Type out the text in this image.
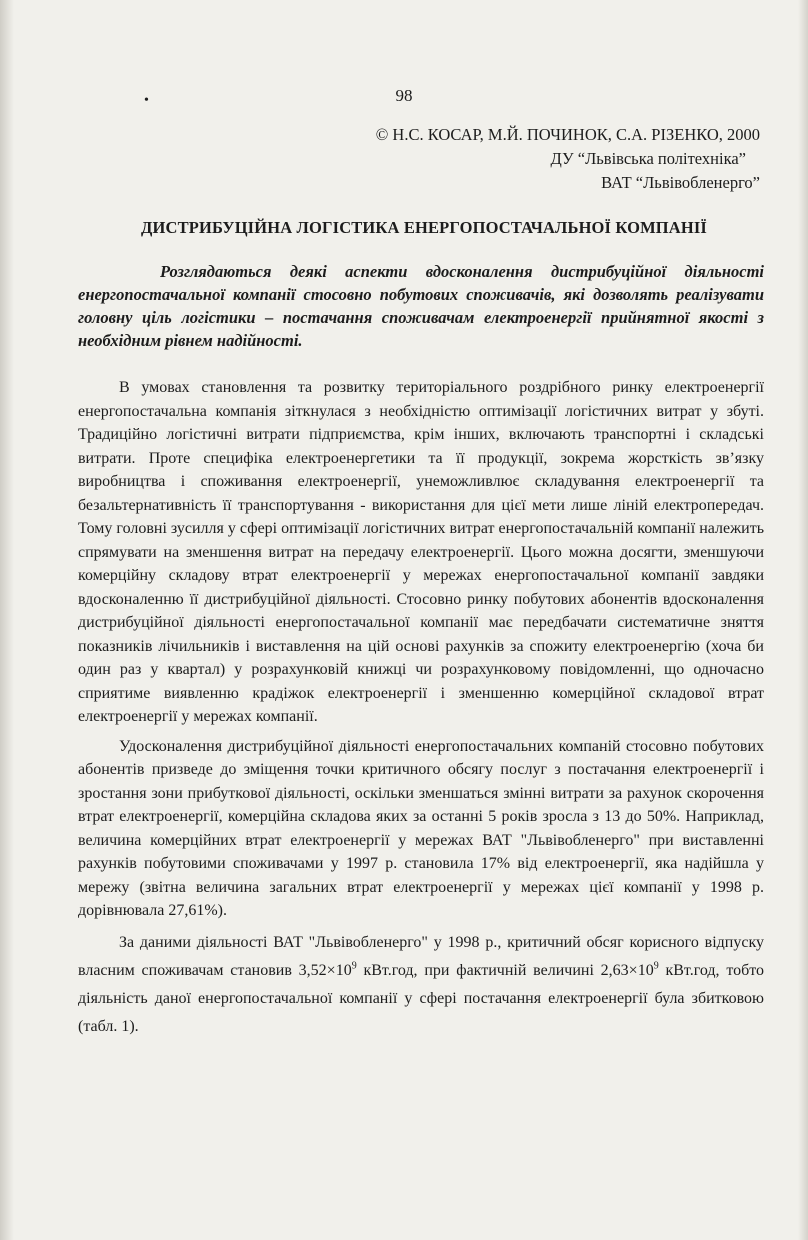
•	98
© Н.С. КОСАР, М.Й. ПОЧИНОК, С.А. РІЗЕНКО, 2000
ДУ “Львівська політехніка”
ВАТ “Львівобленерго”
ДИСТРИБУЦІЙНА ЛОГІСТИКА ЕНЕРГОПОСТАЧАЛЬНОЇ КОМПАНІЇ
Розглядаються деякі аспекти вдосконалення дистрибуційної діяльності енергопостачальної компанії стосовно побутових споживачів, які дозволять реалізувати головну ціль логістики – постачання споживачам електроенергії прийнятної якості з необхідним рівнем надійності.

В умовах становлення та розвитку територіального роздрібного ринку електроенергії енергопостачальна компанія зіткнулася з необхідністю оптимізації логістичних витрат у збуті. Традиційно логістичні витрати підприємства, крім інших, включають транспортні і складські витрати. Проте специфіка електроенергетики та її продукції, зокрема жорсткість зв’язку виробництва і споживання електроенергії, унеможливлює складування електроенергії та безальтернативність її транспортування - використання для цієї мети лише ліній електропередач. Тому головні зусилля у сфері оптимізації логістичних витрат енергопостачальній компанії належить спрямувати на зменшення витрат на передачу електроенергії. Цього можна досягти, зменшуючи комерційну складову втрат електроенергії у мережах енергопостачальної компанії завдяки вдосконаленню її дистрибуційної діяльності. Стосовно ринку побутових абонентів вдосконалення дистрибуційної діяльності енергопостачальної компанії має передбачати систематичне зняття показників лічильників і виставлення на цій основі рахунків за спожиту електроенергію (хоча би один раз у квартал) у розрахунковій книжці чи розрахунковому повідомленні, що одночасно сприятиме виявленню крадіжок електроенергії і зменшенню комерційної складової втрат електроенергії у мережах компанії.

Удосконалення дистрибуційної діяльності енергопостачальних компаній стосовно побутових абонентів призведе до зміщення точки критичного обсягу послуг з постачання електроенергії і зростання зони прибуткової діяльності, оскільки зменшаться змінні витрати за рахунок скорочення втрат електроенергії, комерційна складова яких за останні 5 років зросла з 13 до 50%. Наприклад, величина комерційних втрат електроенергії у мережах ВАТ "Львівобленерго" при виставленні рахунків побутовими споживачами у 1997 р. становила 17% від електроенергії, яка надійшла у мережу (звітна величина загальних втрат електроенергії у мережах цієї компанії у 1998 р. дорівнювала 27,61%).

За даними діяльності ВАТ "Львівобленерго" у 1998 р., критичний обсяг корисного відпуску власним споживачам становив $3,52\times 10^9$ кВт.год, при фактичній величині $2,63\times 10^9$ кВт.год, тобто діяльність даної енергопостачальної компанії у сфері постачання електроенергії була збитковою (табл. 1).
